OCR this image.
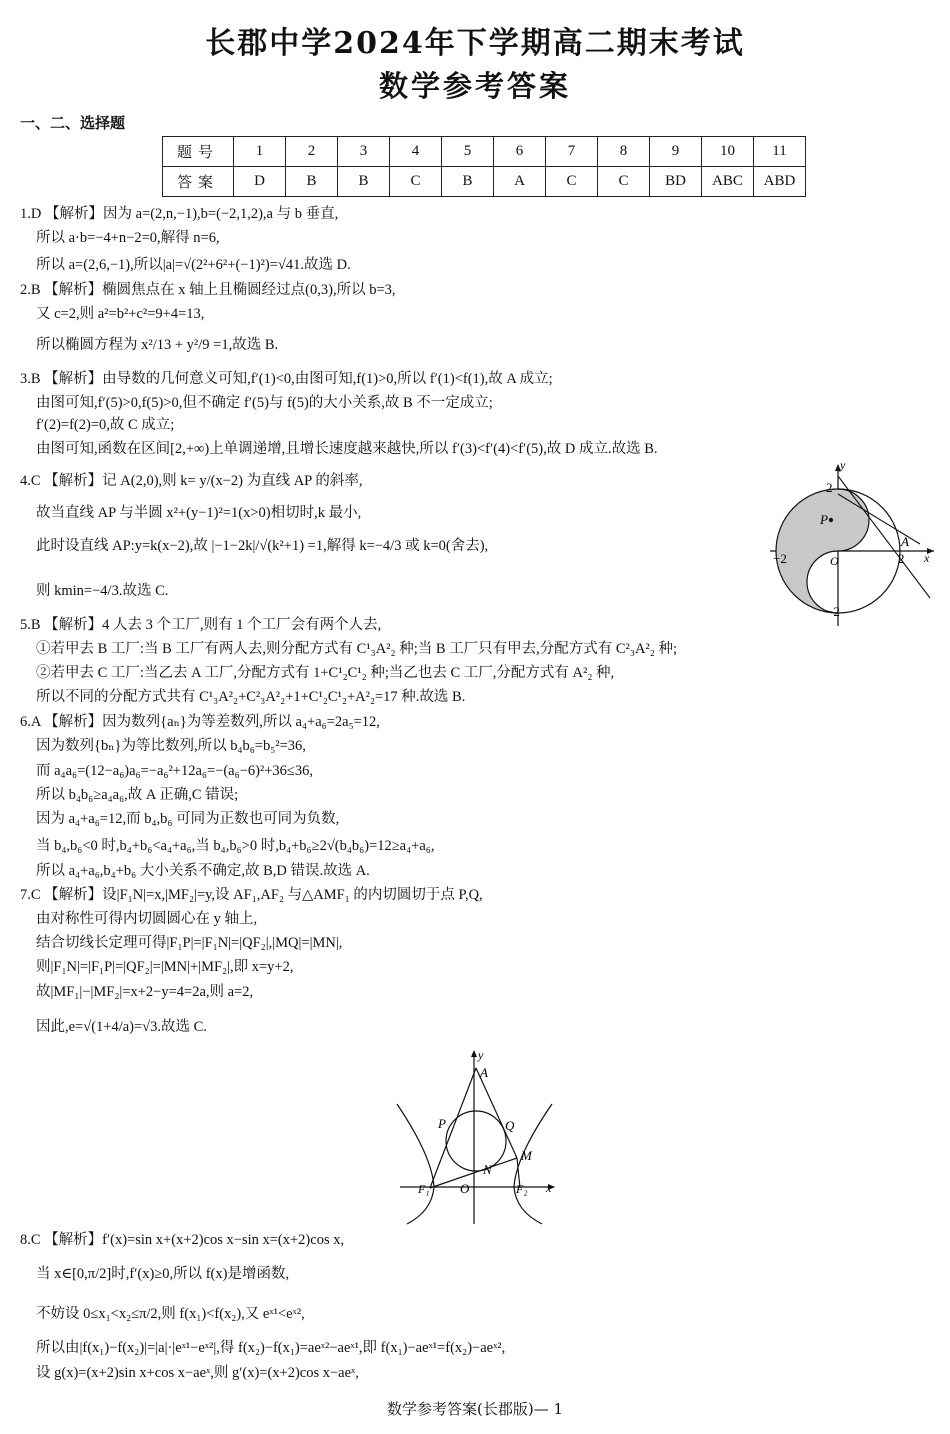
长郡中学2024年下学期高二期末考试
数学参考答案
一、二、选择题
题号	1	2	3	4	5	6	7	8	9	10	11
答案	D	B	B	C	B	A	C	C	BD	ABC	ABD
1.D 【解析】因为 a=(2,n,−1),b=(−2,1,2),a 与 b 垂直,
所以 a·b=−4+n−2=0,解得 n=6,
所以 a=(2,6,−1),所以|a|=√(2²+6²+(−1)²)=√41.故选 D.
2.B 【解析】椭圆焦点在 x 轴上且椭圆经过点(0,3),所以 b=3,
又 c=2,则 a²=b²+c²=9+4=13,
所以椭圆方程为 x²/13 + y²/9 =1,故选 B.
3.B 【解析】由导数的几何意义可知,f′(1)<0,由图可知,f(1)>0,所以 f′(1)<f(1),故 A 成立;
由图可知,f′(5)>0,f(5)>0,但不确定 f′(5)与 f(5)的大小关系,故 B 不一定成立;
f′(2)=f(2)=0,故 C 成立;
由图可知,函数在区间[2,+∞)上单调递增,且增长速度越来越快,所以 f′(3)<f′(4)<f′(5),故 D 成立.故选 B.
4.C 【解析】记 A(2,0),则 k= y/(x−2) 为直线 AP 的斜率,
故当直线 AP 与半圆 x²+(y−1)²=1(x>0)相切时,k 最小,
此时设直线 AP:y=k(x−2),故 |−1−2k|/√(k²+1) =1,解得 k=−4/3 或 k=0(舍去),
则 kmin=−4/3.故选 C.
5.B 【解析】4 人去 3 个工厂,则有 1 个工厂会有两个人去,
①若甲去 B 工厂:当 B 工厂有两人去,则分配方式有 C¹₃A²₂ 种;当 B 工厂只有甲去,分配方式有 C²₃A²₂ 种;
②若甲去 C 工厂:当乙去 A 工厂,分配方式有 1+C¹₂C¹₂ 种;当乙也去 C 工厂,分配方式有 A²₂ 种,
所以不同的分配方式共有 C¹₃A²₂+C²₃A²₂+1+C¹₂C¹₂+A²₂=17 种.故选 B.
6.A 【解析】因为数列{aₙ}为等差数列,所以 a₄+a₆=2a₅=12,
因为数列{bₙ}为等比数列,所以 b₄b₆=b₅²=36,
而 a₄a₆=(12−a₆)a₆=−a₆²+12a₆=−(a₆−6)²+36≤36,
所以 b₄b₆≥a₄a₆,故 A 正确,C 错误;
因为 a₄+a₆=12,而 b₄,b₆ 可同为正数也可同为负数,
当 b₄,b₆<0 时,b₄+b₆<a₄+a₆,当 b₄,b₆>0 时,b₄+b₆≥2√(b₄b₆)=12≥a₄+a₆,
所以 a₄+a₆,b₄+b₆ 大小关系不确定,故 B,D 错误.故选 A.
7.C 【解析】设|F₁N|=x,|MF₂|=y,设 AF₁,AF₂ 与△AMF₁ 的内切圆切于点 P,Q,
由对称性可得内切圆圆心在 y 轴上,
结合切线长定理可得|F₁P|=|F₁N|=|QF₂|,|MQ|=|MN|,
则|F₁N|=|F₁P|=|QF₂|=|MN|+|MF₂|,即 x=y+2,
故|MF₁|−|MF₂|=x+2−y=4=2a,则 a=2,
因此,e=√(1+4/a)=√3.故选 C.
8.C 【解析】f′(x)=sin x+(x+2)cos x−sin x=(x+2)cos x,
当 x∈[0,π/2]时,f′(x)≥0,所以 f(x)是增函数,
不妨设 0≤x₁<x₂≤π/2,则 f(x₁)<f(x₂),又 eˣ¹<eˣ²,
所以由|f(x₁)−f(x₂)|=|a|·|eˣ¹−eˣ²|,得 f(x₂)−f(x₁)=aeˣ²−aeˣ¹,即 f(x₁)−aeˣ¹=f(x₂)−aeˣ²,
设 g(x)=(x+2)sin x+cos x−aeˣ,则 g′(x)=(x+2)cos x−aeˣ,
P
y
x
A
O
2
2
−2
−2
y
x
A
P	Q
M
N
O
F₁	F₂
数学参考答案(长郡版)— 1
